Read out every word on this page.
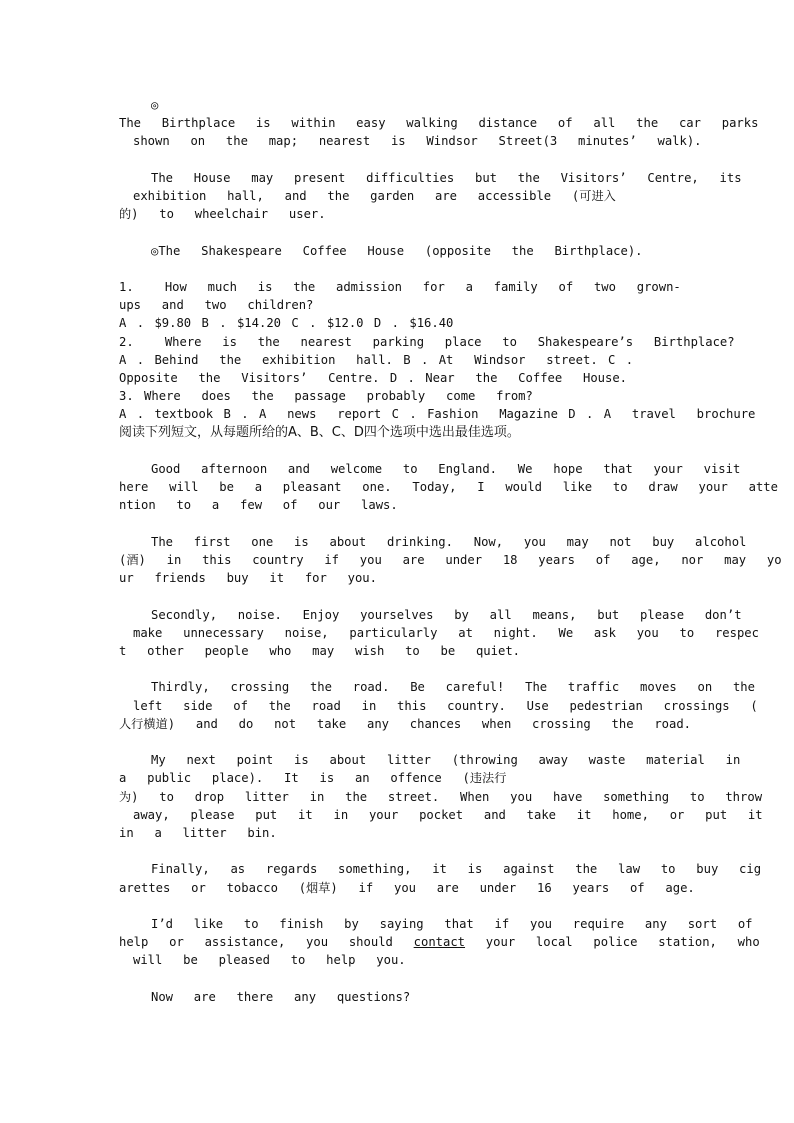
◎
The  Birthplace  is  within  easy  walking  distance  of  all  the  car  parks
shown  on  the  map;  nearest  is  Windsor  Street(3  minutes’  walk).
The  House  may  present  difficulties  but  the  Visitors’  Centre,  its
exhibition  hall,  and  the  garden  are  accessible  (可进入
的)  to  wheelchair  user.
◎The  Shakespeare  Coffee  House  (opposite  the  Birthplace).
1.   How  much  is  the  admission  for  a  family  of  two  grown-
ups  and  two  children?
A . $9.80 B . $14.20 C . $12.0 D . $16.40
2.   Where  is  the  nearest  parking  place  to  Shakespeare’s  Birthplace?
A . Behind  the  exhibition  hall. B . At  Windsor  street. C .
Opposite  the  Visitors’  Centre. D . Near  the  Coffee  House.
3. Where  does  the  passage  probably  come  from?
A . textbook B . A  news  report C . Fashion  Magazine D . A  travel  brochure
阅读下列短文，从每题所给的A、B、C、D四个选项中选出最佳选项。
Good  afternoon  and  welcome  to  England.  We  hope  that  your  visit
here  will  be  a  pleasant  one.  Today,  I  would  like  to  draw  your  atte
ntion  to  a  few  of  our  laws.
The  first  one  is  about  drinking.  Now,  you  may  not  buy  alcohol
(酒)  in  this  country  if  you  are  under  18  years  of  age,  nor  may  yo
ur  friends  buy  it  for  you.
Secondly,  noise.  Enjoy  yourselves  by  all  means,  but  please  don’t
make  unnecessary  noise,  particularly  at  night.  We  ask  you  to  respec
t  other  people  who  may  wish  to  be  quiet.
Thirdly,  crossing  the  road.  Be  careful!  The  traffic  moves  on  the
left  side  of  the  road  in  this  country.  Use  pedestrian  crossings  (
人行横道)  and  do  not  take  any  chances  when  crossing  the  road.
My  next  point  is  about  litter  (throwing  away  waste  material  in
a  public  place).  It  is  an  offence  (违法行
为)  to  drop  litter  in  the  street.  When  you  have  something  to  throw
away,  please  put  it  in  your  pocket  and  take  it  home,  or  put  it
in  a  litter  bin.
Finally,  as  regards  something,  it  is  against  the  law  to  buy  cig
arettes  or  tobacco  (烟草)  if  you  are  under  16  years  of  age.
I’d  like  to  finish  by  saying  that  if  you  require  any  sort  of
help  or  assistance,  you  should  contact  your  local  police  station,  who
will  be  pleased  to  help  you.
Now  are  there  any  questions?
